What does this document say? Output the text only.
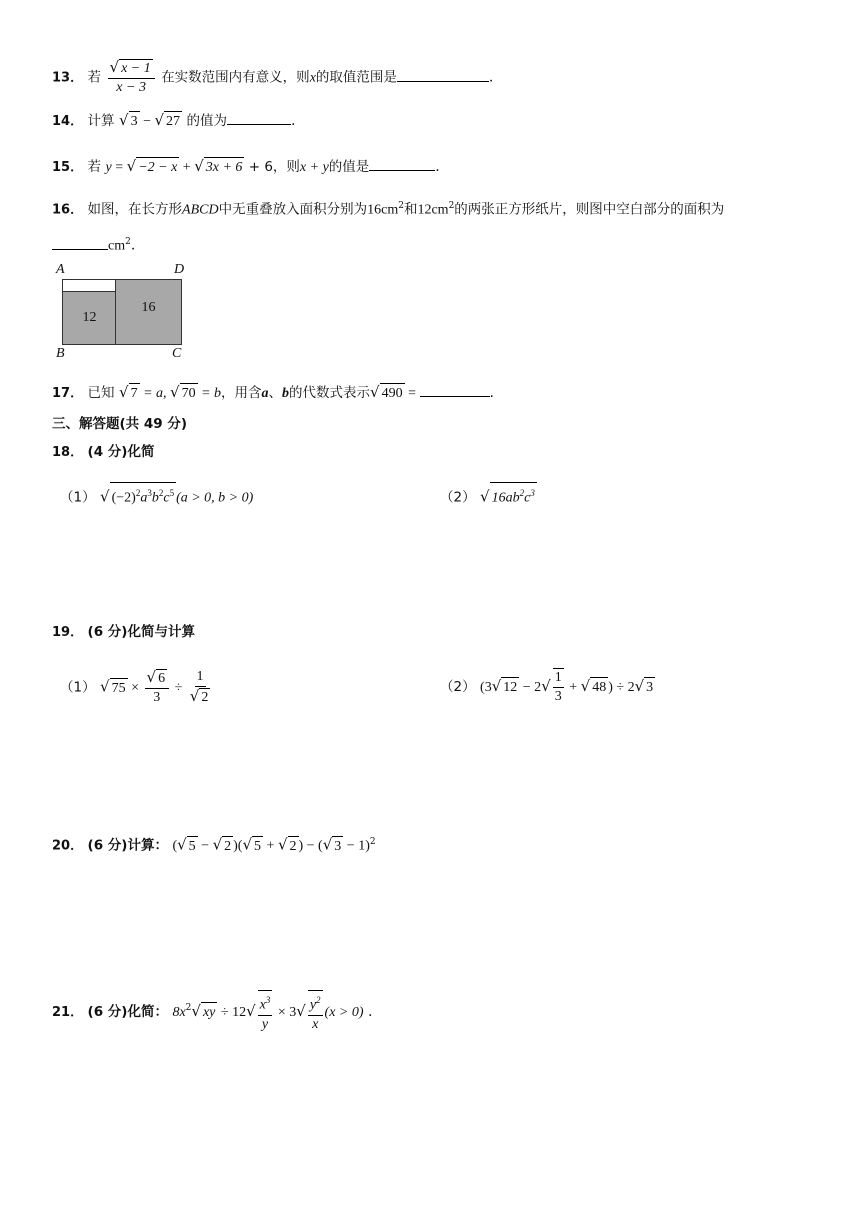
13． 若 $\frac{√ x - 1}{x - 3}$ 在实数范围内有意义，则x的取值范围是	.
14． 计算 √ 3 − √ 27 的值为	.
15． 若 y = √ −2 − x + √ 3x + 6 + 6，则x + y的值是	.
16． 如图，在长方形ABCD中无重叠放入面积分别为$16cm^2$和$12cm^2$的两张正方形纸片，则图中空白部分的面积为
$cm^2$.
A	D
B	C
12
16
17． 已知 √ 7 = a, √ 70 = b，用含a、b的代数式表示√ 490 =	.
三、解答题(共 49 分)
18． (4 分)化简
（1） √ $(-2)^2a^3b^2c^5$ (a > 0, b > 0)	（2） √ $16ab^2c^3$
19． (6 分)化简与计算
（1） √ $75 \times \frac{√ 6}{3} \div \frac{1}{√ 2}$	（2） (3√ $12 - 2√ \frac{1}{3}$ + √ 48 ) ÷ 2√ 3
20． (6 分)计算： (√ 5 − √ 2 )(√ 5 + √ 2 ) − (√ 3 − 1)$^2$
21． (6 分)化简： $8x^2√$ xy ÷ $12√ \frac{x^3}{y} \times 3√ \frac{y^2}{x} (x > 0)$ .
